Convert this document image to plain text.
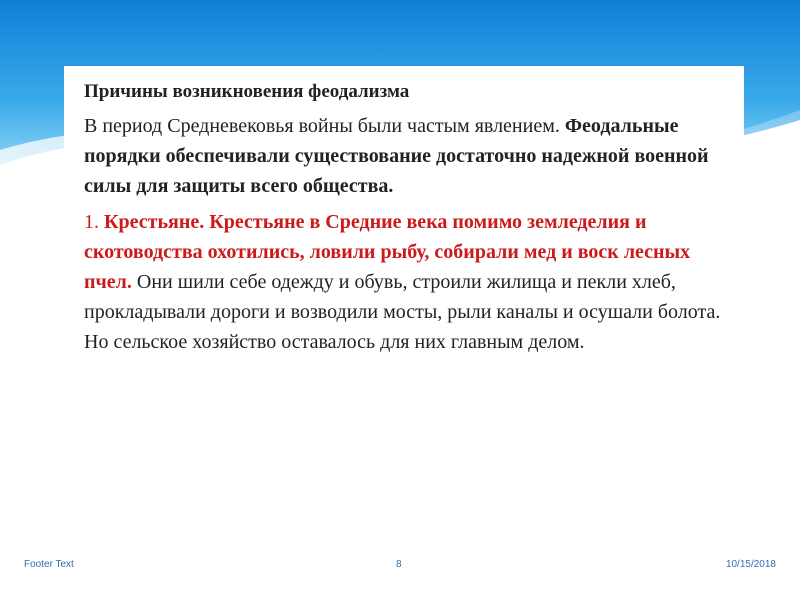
Причины возникновения феодализма

В период Средневековья войны были частым явлением. Феодальные порядки обеспечивали существование достаточно надежной военной силы для защиты всего общества.

1. Крестьяне. Крестьяне в Средние века помимо земледелия и скотоводства охотились, ловили рыбу, собирали мед и воск лесных пчел. Они шили себе одежду и обувь, строили жилища и пекли хлеб, прокладывали дороги и возводили мосты, рыли каналы и осушали болота. Но сельское хозяйство оставалось для них главным делом.

Footer Text	8	10/15/2018
